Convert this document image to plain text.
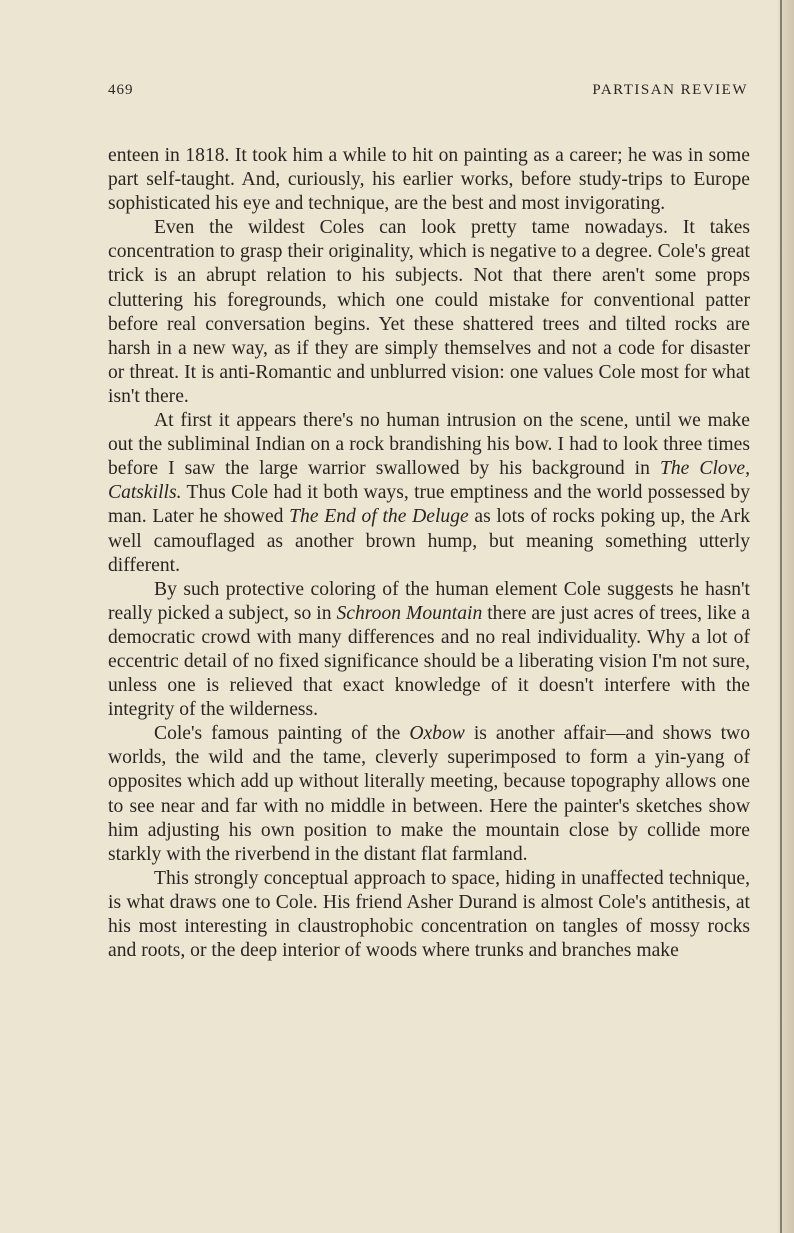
469	PARTISAN REVIEW

enteen in 1818. It took him a while to hit on painting as a career; he was in some part self-taught. And, curiously, his earlier works, before study-trips to Europe sophisticated his eye and technique, are the best and most invigorating.

Even the wildest Coles can look pretty tame nowadays. It takes concentration to grasp their originality, which is negative to a degree. Cole's great trick is an abrupt relation to his subjects. Not that there aren't some props cluttering his foregrounds, which one could mistake for conventional patter before real conversation begins. Yet these shattered trees and tilted rocks are harsh in a new way, as if they are simply themselves and not a code for disaster or threat. It is anti-Romantic and unblurred vision: one values Cole most for what isn't there.

At first it appears there's no human intrusion on the scene, until we make out the subliminal Indian on a rock brandishing his bow. I had to look three times before I saw the large warrior swallowed by his background in The Clove, Catskills. Thus Cole had it both ways, true emptiness and the world possessed by man. Later he showed The End of the Deluge as lots of rocks poking up, the Ark well camouflaged as another brown hump, but meaning something utterly different.

By such protective coloring of the human element Cole suggests he hasn't really picked a subject, so in Schroon Mountain there are just acres of trees, like a democratic crowd with many differences and no real individuality. Why a lot of eccentric detail of no fixed significance should be a liberating vision I'm not sure, unless one is relieved that exact knowledge of it doesn't interfere with the integrity of the wilderness.

Cole's famous painting of the Oxbow is another affair—and shows two worlds, the wild and the tame, cleverly superimposed to form a yin-yang of opposites which add up without literally meeting, because topography allows one to see near and far with no middle in between. Here the painter's sketches show him adjusting his own position to make the mountain close by collide more starkly with the riverbend in the distant flat farmland.

This strongly conceptual approach to space, hiding in unaffected technique, is what draws one to Cole. His friend Asher Durand is almost Cole's antithesis, at his most interesting in claustrophobic concentration on tangles of mossy rocks and roots, or the deep interior of woods where trunks and branches make
